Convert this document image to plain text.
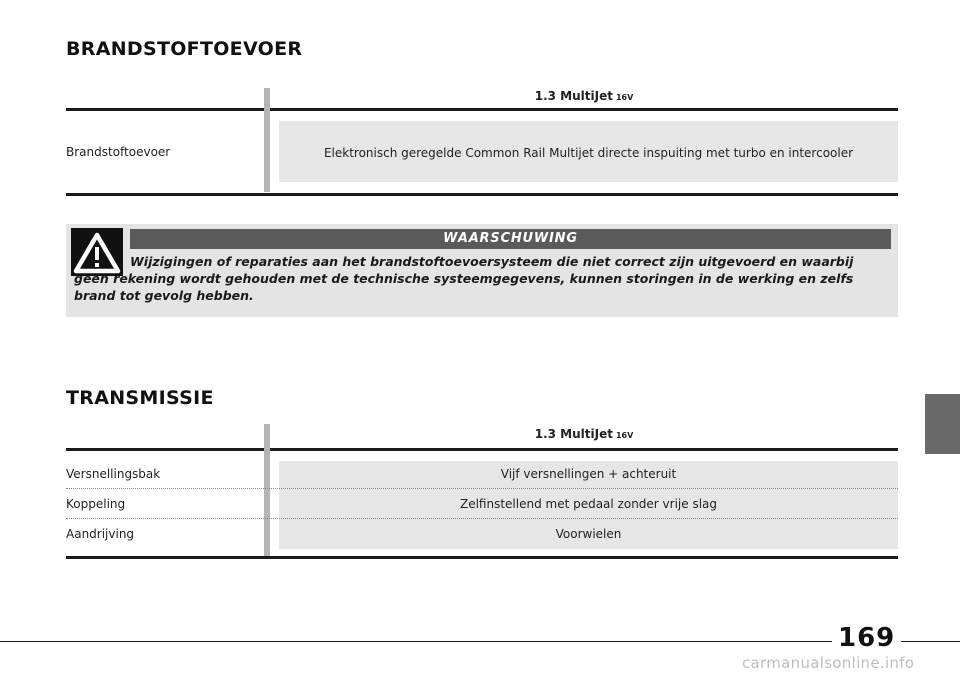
BRANDSTOFTOEVOER
1.3 MultiJet 16V
Brandstoftoevoer	Elektronisch geregelde Common Rail Multijet directe inspuiting met turbo en intercooler
WAARSCHUWING
Wijzigingen of reparaties aan het brandstoftoevoersysteem die niet correct zijn uitgevoerd en waarbij geen rekening wordt gehouden met de technische systeemgegevens, kunnen storingen in de werking en zelfs brand tot gevolg hebben.
TRANSMISSIE
1.3 MultiJet 16V
Versnellingsbak	Vijf versnellingen + achteruit
Koppeling	Zelfinstellend met pedaal zonder vrije slag
Aandrijving	Voorwielen
169
carmanualsonline.info
